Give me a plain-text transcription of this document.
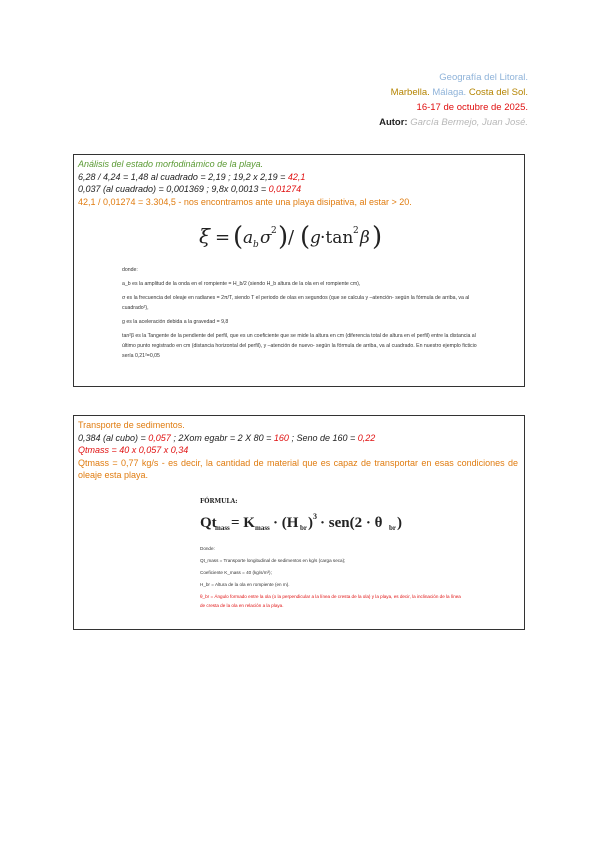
Geografía del Litoral.
Marbella. Málaga. Costa del Sol.
16-17 de octubre de 2025.
Autor: García Bermejo, Juan José.
Análisis del estado morfodinámico de la playa.
6,28 / 4,24 = 1,48 al cuadrado = 2,19 ; 19,2 x 2,19 = 42,1
0,037 (al cuadrado) = 0,001369 ; 9,8x 0,0013 = 0,01274
42,1 / 0,01274 = 3.304,5 - nos encontramos ante una playa disipativa, al estar > 20.
ξ = ( a b σ 2 ) / ( g ·tan 2 β )

donde:

a_b es la amplitud de la onda en el rompiente = H_b/2 (siendo H_b altura de la ola en el rompiente cm),

σ es la frecuencia del oleaje en radianes = 2π/T, siendo T el periodo de olas en segundos (que se calcula y –atención- según la fórmula de arriba, va al cuadrado²),

g es la aceleración debida a la gravedad = 9,8

tan²β es la Tangente de la pendiente del perfil, que es un coeficiente que se mide la altura en cm (diferencia total de altura en el perfil) entre la distancia al último punto registrado en cm (distancia horizontal del perfil), y –atención de nuevo- según la fórmula de arriba, va al cuadrado. En nuestro ejemplo ficticio sería 0,21²=0,05

Transporte de sedimentos.
0,384 (al cubo) = 0,057 ; 2Xom egabr = 2 X 80 = 160 ; Seno de 160 = 0,22
Qtmass = 40 x 0,057 x 0,34
Qtmass = 0,77 kg/s - es decir, la cantidad de material que es capaz de transportar en esas condiciones de oleaje esta playa.
FÓRMULA:
Qt
mass = K mass · (H br ) 3 · sen(2 · θ br )

Donde:

Qt_mass = Transporte longitudinal de sedimentos en kg/s (carga seca);

Coeficiente K_mass = 40 (kg/s/m³);

H_br = Altura de la ola en rompiente (en m).

θ_br = Ángulo formado entre la ola (o la perpendicular a la línea de cresta de la ola) y la playa, es decir, la inclinación de la línea de cresta de la ola en relación a la playa.
